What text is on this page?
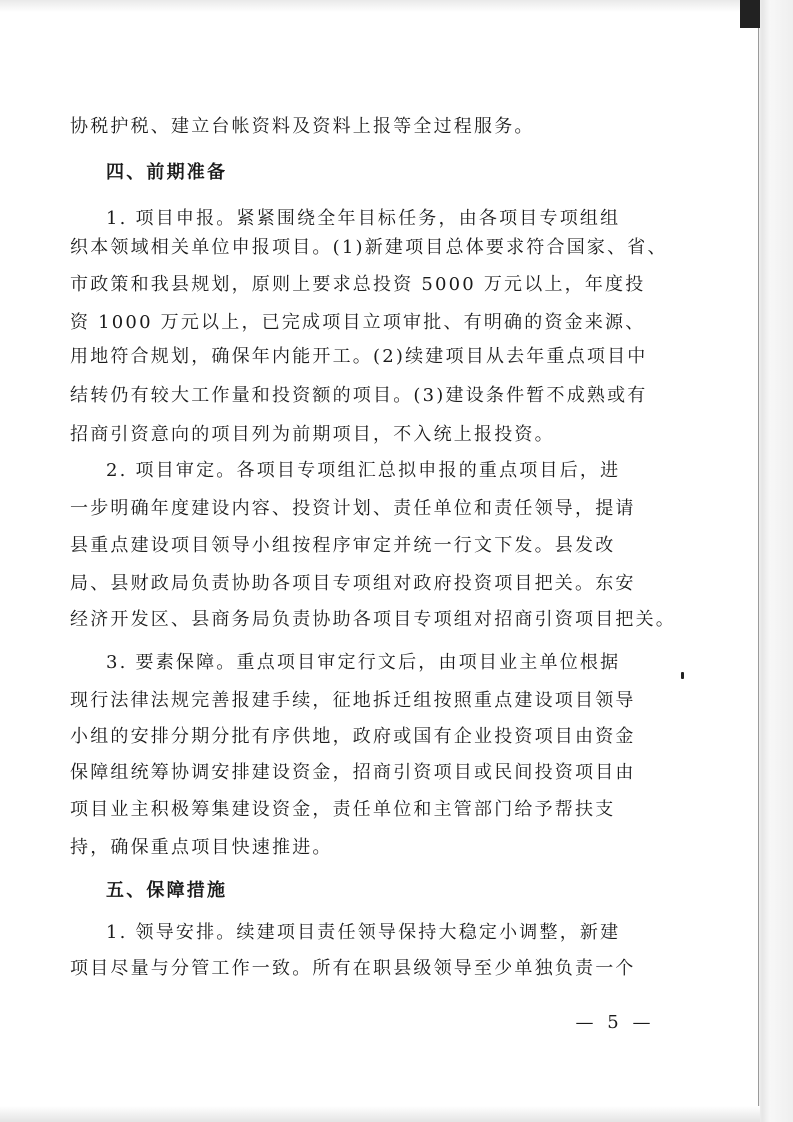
协税护税、建立台帐资料及资料上报等全过程服务。
四、前期准备
1. 项目申报。紧紧围绕全年目标任务，由各项目专项组组
织本领域相关单位申报项目。(1)新建项目总体要求符合国家、省、
市政策和我县规划，原则上要求总投资 5000 万元以上，年度投
资 1000 万元以上，已完成项目立项审批、有明确的资金来源、
用地符合规划，确保年内能开工。(2)续建项目从去年重点项目中
结转仍有较大工作量和投资额的项目。(3)建设条件暂不成熟或有
招商引资意向的项目列为前期项目，不入统上报投资。
2. 项目审定。各项目专项组汇总拟申报的重点项目后，进
一步明确年度建设内容、投资计划、责任单位和责任领导，提请
县重点建设项目领导小组按程序审定并统一行文下发。县发改
局、县财政局负责协助各项目专项组对政府投资项目把关。东安
经济开发区、县商务局负责协助各项目专项组对招商引资项目把关。
3. 要素保障。重点项目审定行文后，由项目业主单位根据
现行法律法规完善报建手续，征地拆迁组按照重点建设项目领导
小组的安排分期分批有序供地，政府或国有企业投资项目由资金
保障组统筹协调安排建设资金，招商引资项目或民间投资项目由
项目业主积极筹集建设资金，责任单位和主管部门给予帮扶支
持，确保重点项目快速推进。
五、保障措施
1. 领导安排。续建项目责任领导保持大稳定小调整，新建
项目尽量与分管工作一致。所有在职县级领导至少单独负责一个
— 5 —
